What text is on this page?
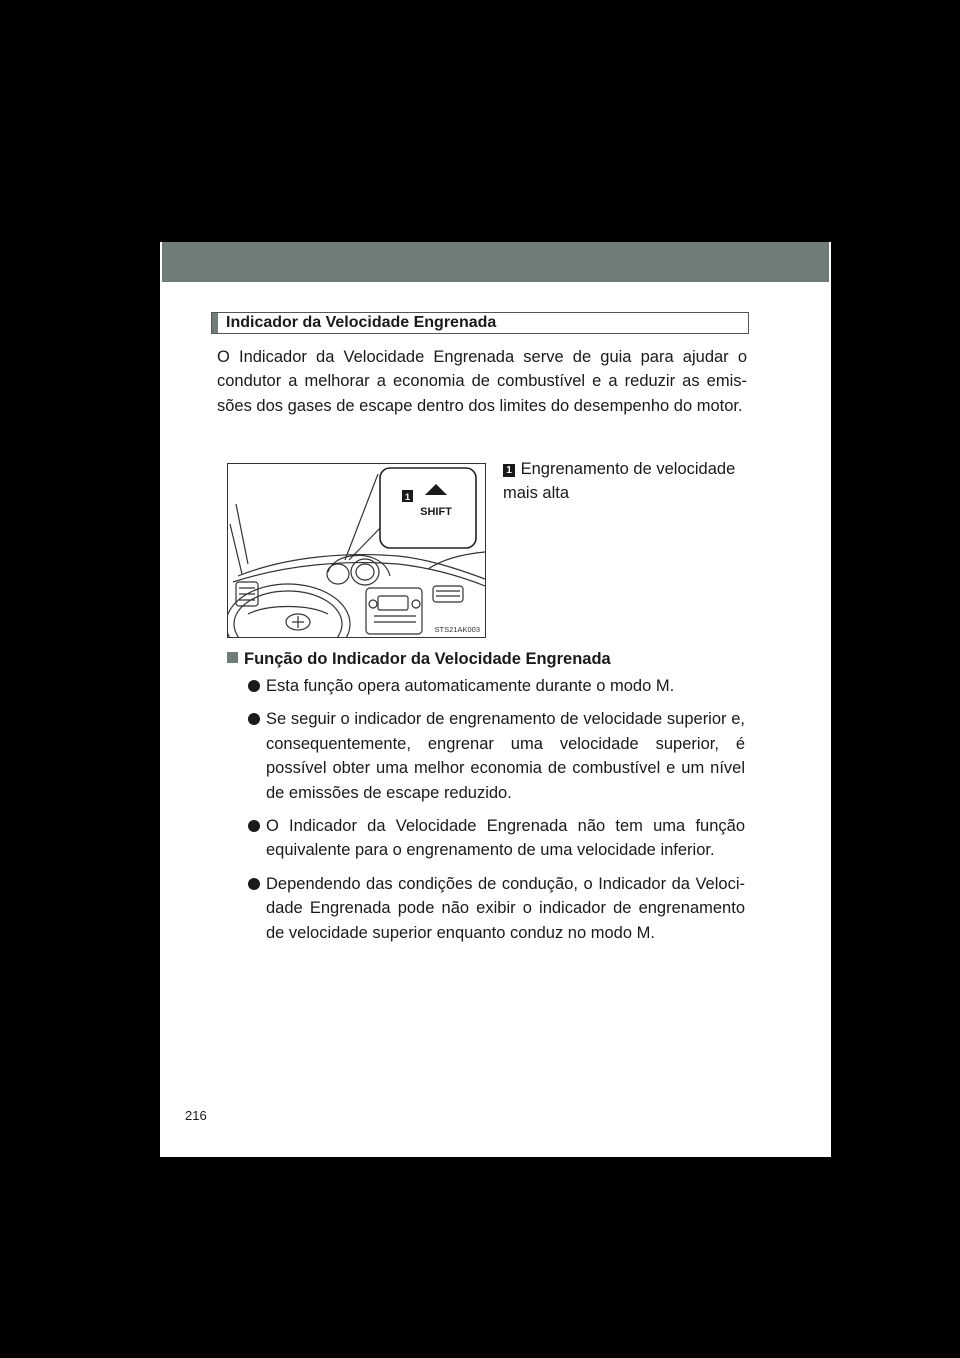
Indicador da Velocidade Engrenada

O Indicador da Velocidade Engrenada serve de guia para ajudar o condutor a melhorar a economia de combustível e a reduzir as emis-sões dos gases de escape dentro dos limites do desempenho do motor.

1
SHIFT
STS21AK003
1 Engrenamento de velocidade mais alta
Função do Indicador da Velocidade Engrenada
Esta função opera automaticamente durante o modo M.
Se seguir o indicador de engrenamento de velocidade superior e, consequentemente, engrenar uma velocidade superior, é possível obter uma melhor economia de combustível e um nível de emissões de escape reduzido.
O Indicador da Velocidade Engrenada não tem uma função equivalente para o engrenamento de uma velocidade inferior.
Dependendo das condições de condução, o Indicador da Veloci-dade Engrenada pode não exibir o indicador de engrenamento de velocidade superior enquanto conduz no modo M.
216
